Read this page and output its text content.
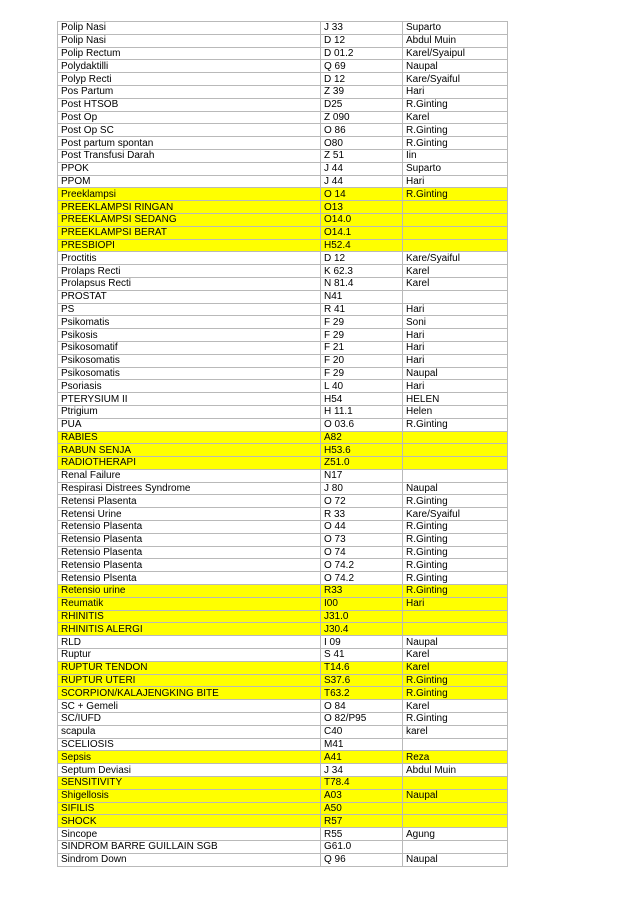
Polip Nasi	J 33	Suparto
Polip Nasi	D 12	Abdul Muin
Polip Rectum	D 01.2	Karel/Syaipul
Polydaktilli	Q 69	Naupal
Polyp Recti	D 12	Kare/Syaiful
Pos Partum	Z 39	Hari
Post HTSOB	D25	R.Ginting
Post Op	Z 090	Karel
Post Op SC	O 86	R.Ginting
Post partum spontan	O80	R.Ginting
Post Transfusi Darah	Z 51	Iin
PPOK	J 44	Suparto
PPOM	J 44	Hari
Preeklampsi	O 14	R.Ginting
PREEKLAMPSI RINGAN	O13	
PREEKLAMPSI SEDANG	O14.0	
PREEKLAMPSI BERAT	O14.1	
PRESBIOPI	H52.4	
Proctitis	D 12	Kare/Syaiful
Prolaps Recti	K 62.3	Karel
Prolapsus Recti	N 81.4	Karel
PROSTAT	N41	
PS	R 41	Hari
Psikomatis	F 29	Soni
Psikosis	F 29	Hari
Psikosomatif	F 21	Hari
Psikosomatis	F 20	Hari
Psikosomatis	F 29	Naupal
Psoriasis	L 40	Hari
PTERYSIUM II	H54	HELEN
Ptrigium	H 11.1	Helen
PUA	O 03.6	R.Ginting
RABIES	A82	
RABUN SENJA	H53.6	
RADIOTHERAPI	Z51.0	
Renal Failure	N17	
Respirasi Distrees Syndrome	J 80	Naupal
Retensi Plasenta	O 72	R.Ginting
Retensi Urine	R 33	Kare/Syaiful
Retensio Plasenta	O 44	R.Ginting
Retensio Plasenta	O 73	R.Ginting
Retensio Plasenta	O 74	R.Ginting
Retensio Plasenta	O 74.2	R.Ginting
Retensio Plsenta	O 74.2	R.Ginting
Retensio urine	R33	R.Ginting
Reumatik	I00	Hari
RHINITIS	J31.0	
RHINITIS ALERGI	J30.4	
RLD	I 09	Naupal
Ruptur	S 41	Karel
RUPTUR TENDON	T14.6	Karel
RUPTUR UTERI	S37.6	R.Ginting
SCORPION/KALAJENGKING BITE	T63.2	R.Ginting
SC + Gemeli	O 84	Karel
SC/IUFD	O 82/P95	R.Ginting
scapula	C40	karel
SCELIOSIS	M41	
Sepsis	A41	Reza
Septum Deviasi	J 34	Abdul Muin
SENSITIVITY	T78.4	
Shigellosis	A03	Naupal
SIFILIS	A50	
SHOCK	R57	
Sincope	R55	Agung
SINDROM BARRE GUILLAIN SGB	G61.0	
Sindrom Down	Q 96	Naupal
